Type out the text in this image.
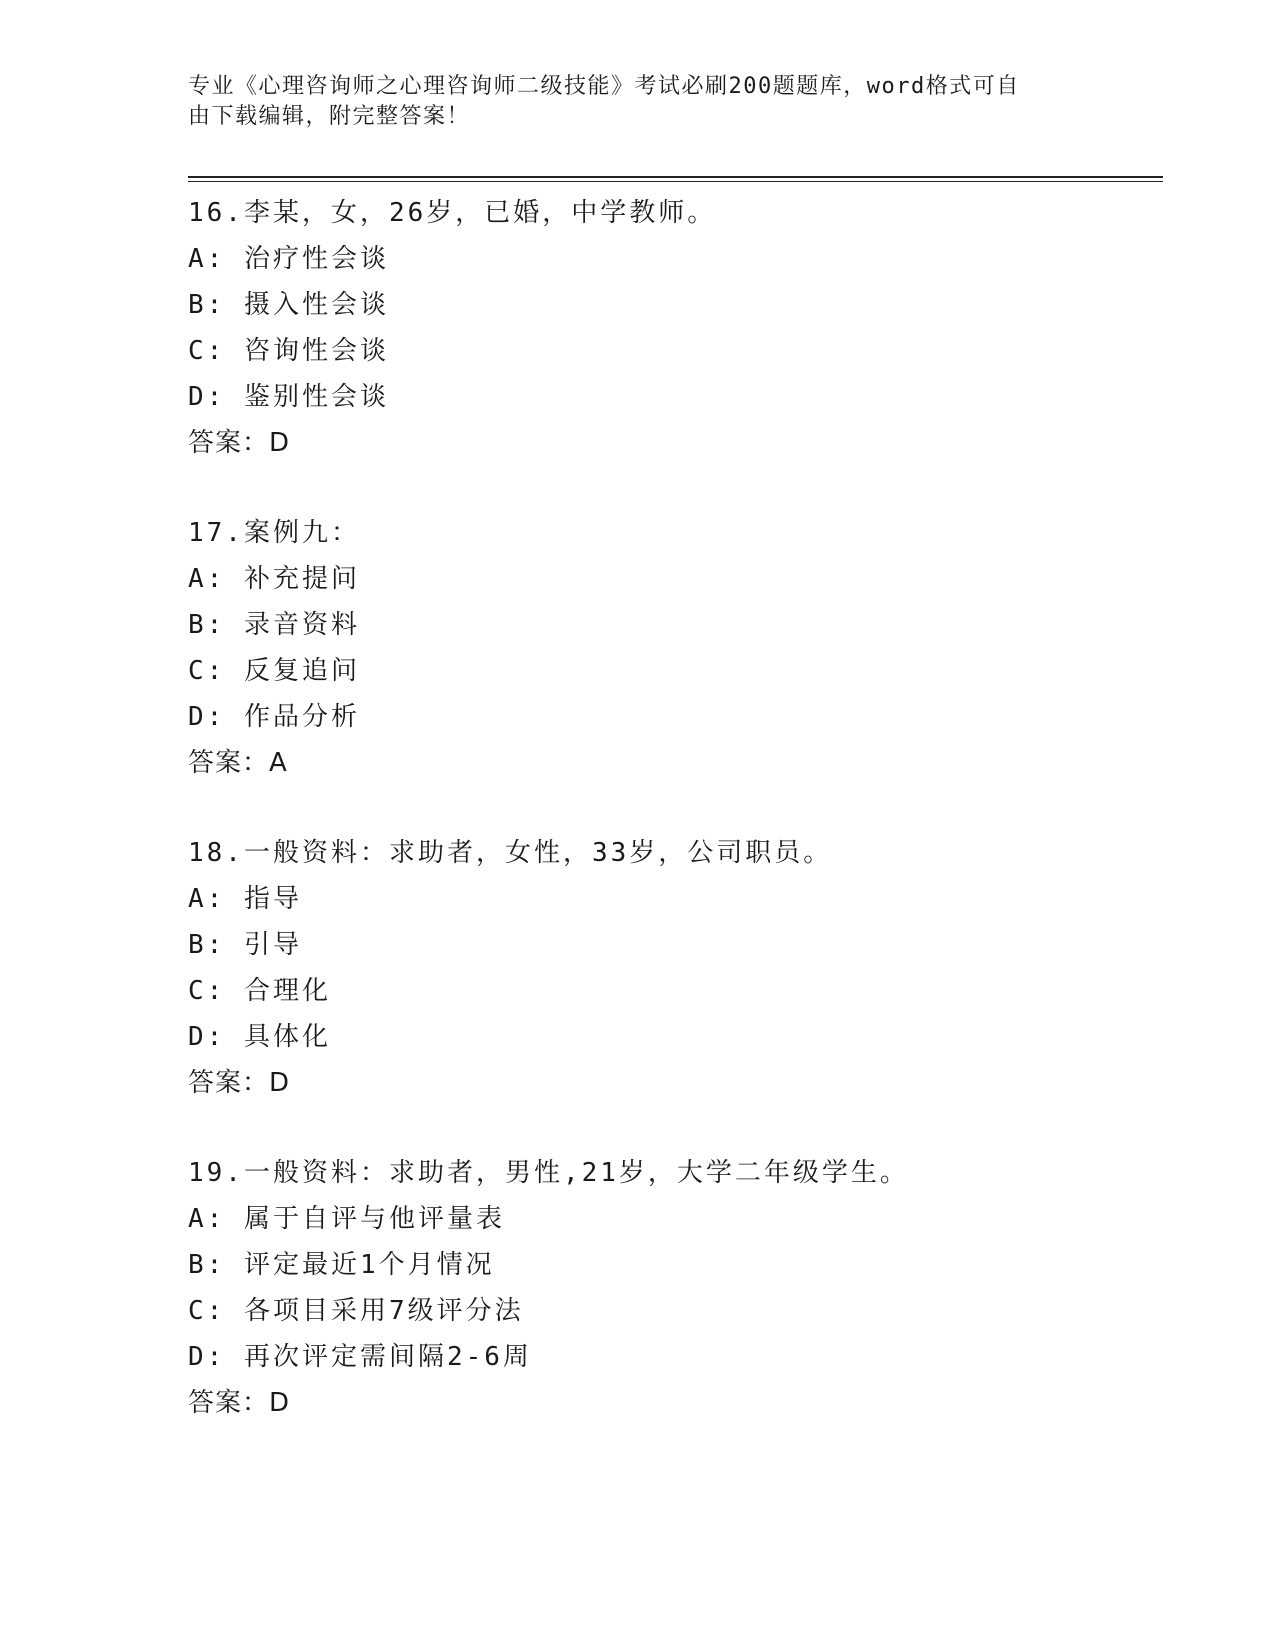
专业《心理咨询师之心理咨询师二级技能》考试必刷200题题库，word格式可自
由下载编辑，附完整答案！
16.李某，女，26岁，已婚，中学教师。
A: 治疗性会谈
B: 摄入性会谈
C: 咨询性会谈
D: 鉴别性会谈
答案：D
17.案例九：
A: 补充提问
B: 录音资料
C: 反复追问
D: 作品分析
答案：A
18.一般资料：求助者，女性，33岁，公司职员。
A: 指导
B: 引导
C: 合理化
D: 具体化
答案：D
19.一般资料：求助者，男性,21岁，大学二年级学生。
A: 属于自评与他评量表
B: 评定最近1个月情况
C: 各项目采用7级评分法
D: 再次评定需间隔2-6周
答案：D
